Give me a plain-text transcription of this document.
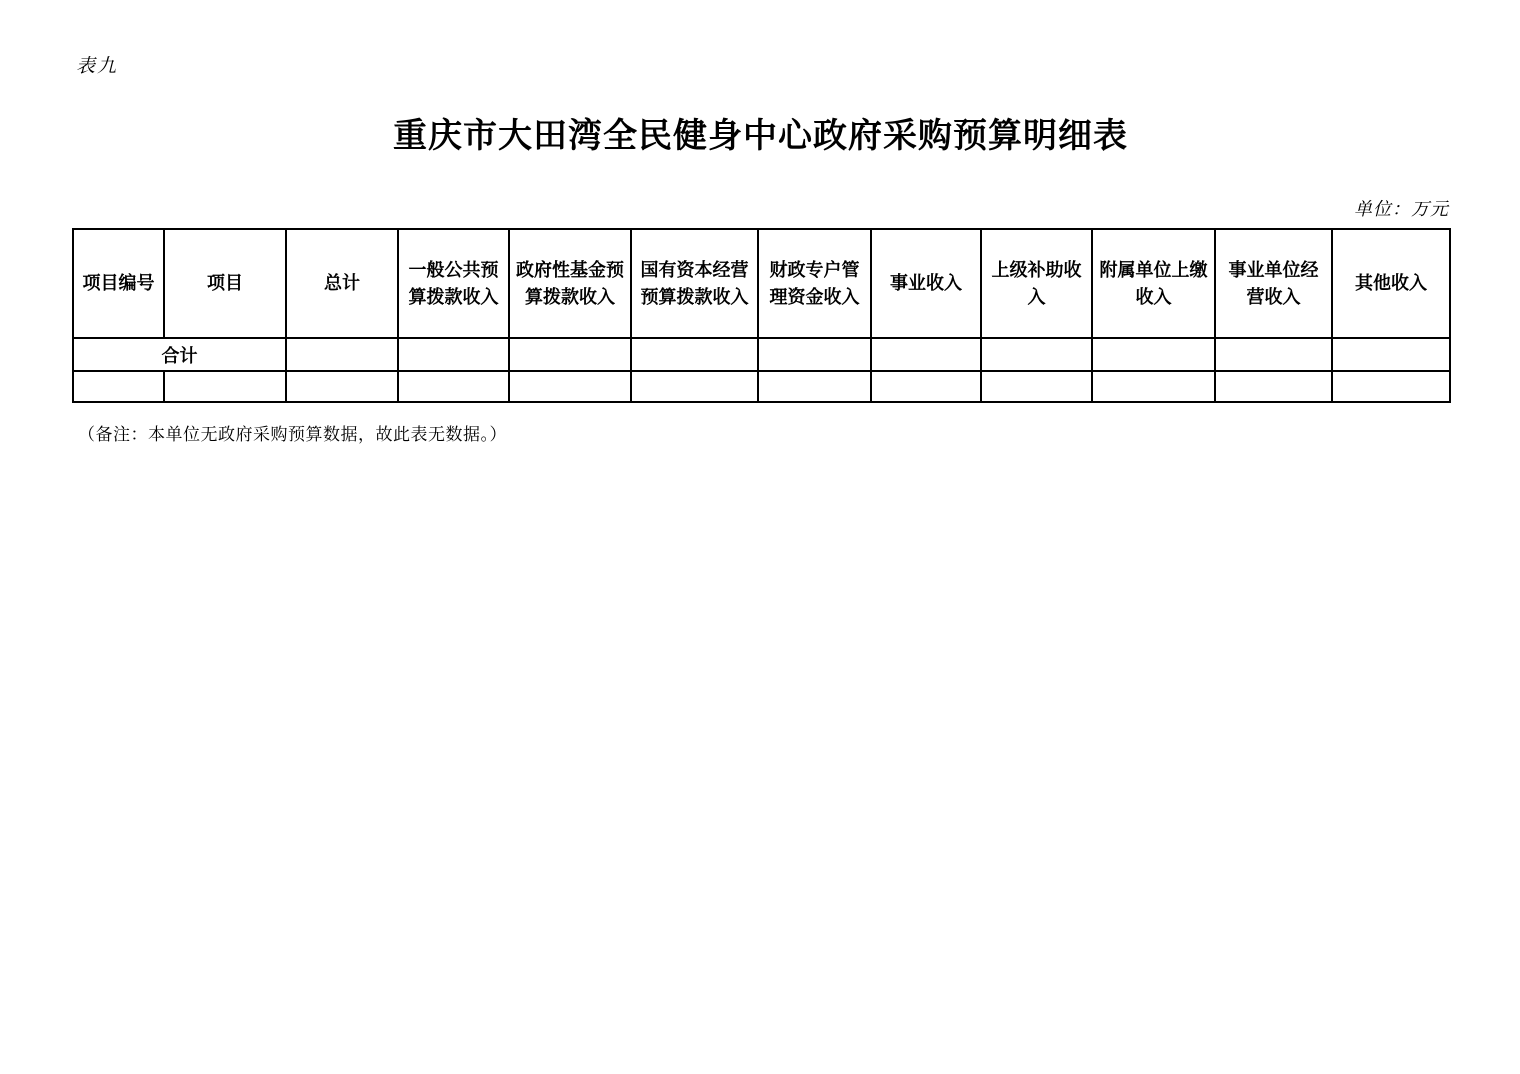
表九
重庆市大田湾全民健身中心政府采购预算明细表
单位：万元
项目编号	项目	总计	一般公共预算拨款收入	政府性基金预算拨款收入	国有资本经营预算拨款收入	财政专户管理资金收入	事业收入	上级补助收入	附属单位上缴收入	事业单位经营收入	其他收入
合计											

（备注：本单位无政府采购预算数据，故此表无数据。）
